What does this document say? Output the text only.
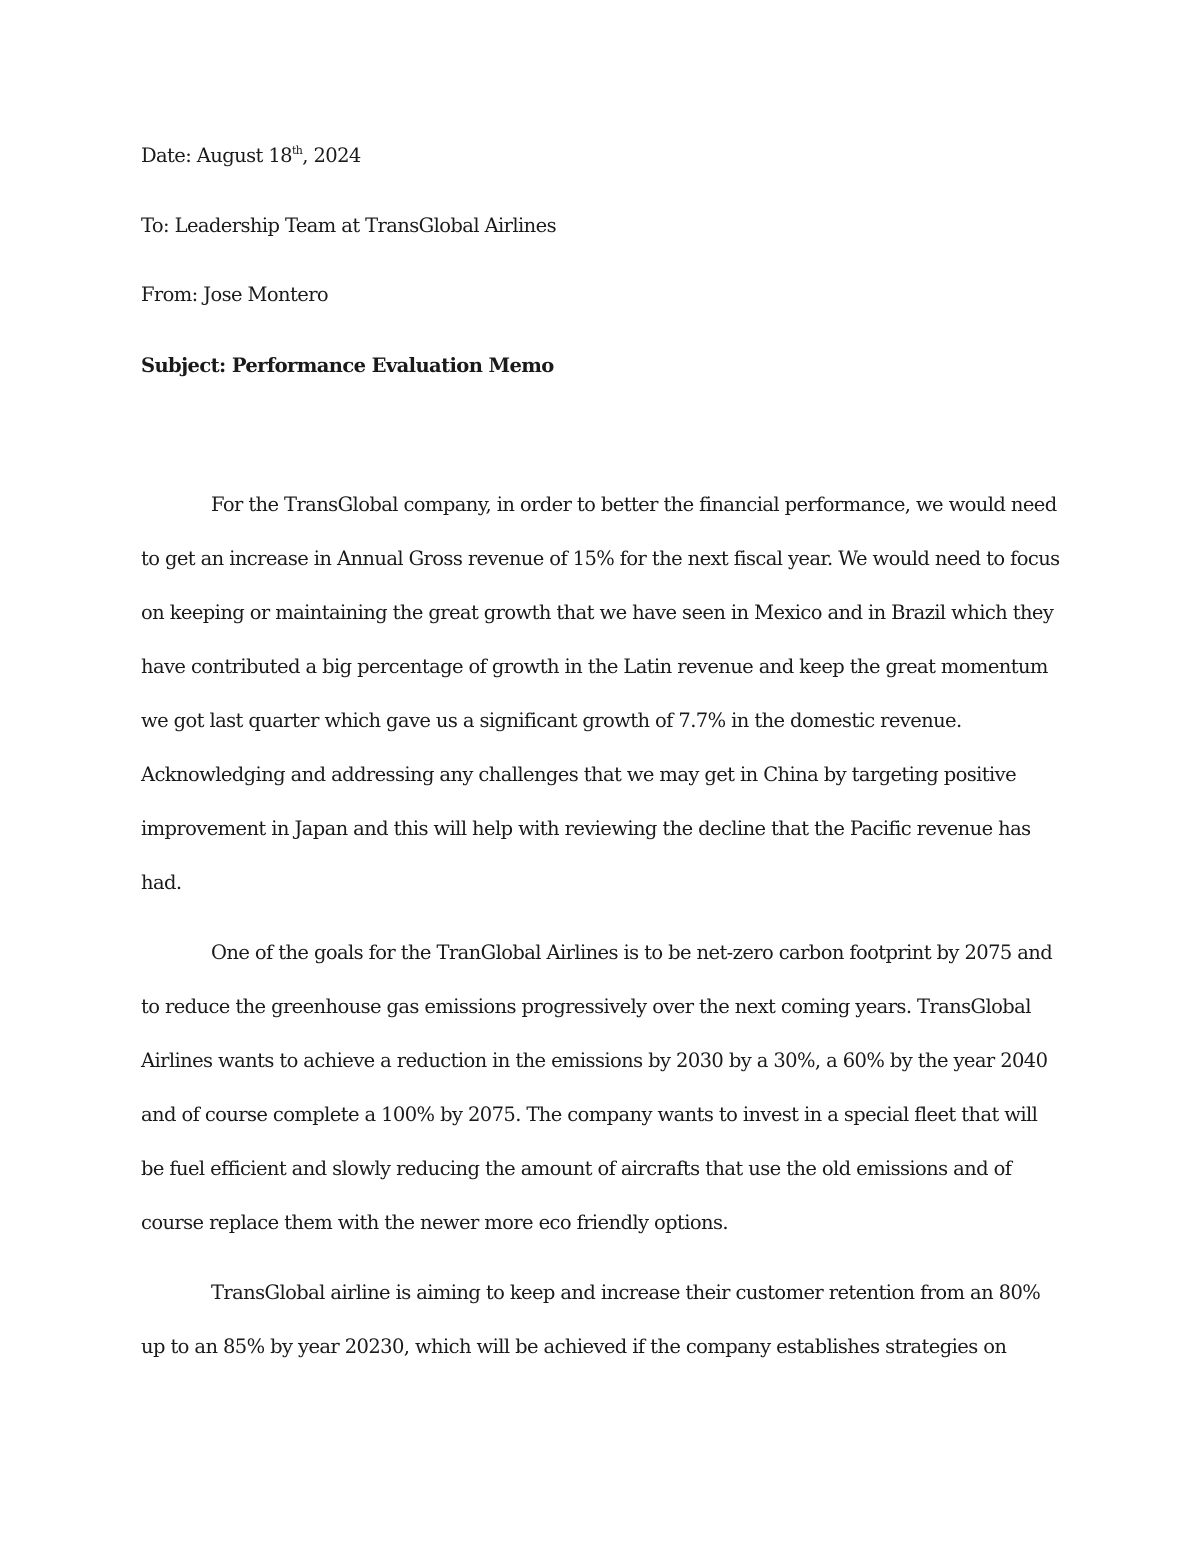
Date: August 18th, 2024
To: Leadership Team at TransGlobal Airlines
From: Jose Montero
Subject: Performance Evaluation Memo

For the TransGlobal company, in order to better the financial performance, we would need to get an increase in Annual Gross revenue of 15% for the next fiscal year. We would need to focus on keeping or maintaining the great growth that we have seen in Mexico and in Brazil which they have contributed a big percentage of growth in the Latin revenue and keep the great momentum we got last quarter which gave us a significant growth of 7.7% in the domestic revenue. Acknowledging and addressing any challenges that we may get in China by targeting positive improvement in Japan and this will help with reviewing the decline that the Pacific revenue has had.

One of the goals for the TranGlobal Airlines is to be net-zero carbon footprint by 2075 and to reduce the greenhouse gas emissions progressively over the next coming years. TransGlobal Airlines wants to achieve a reduction in the emissions by 2030 by a 30%, a 60% by the year 2040 and of course complete a 100% by 2075. The company wants to invest in a special fleet that will be fuel efficient and slowly reducing the amount of aircrafts that use the old emissions and of course replace them with the newer more eco friendly options.

TransGlobal airline is aiming to keep and increase their customer retention from an 80% up to an 85% by year 20230, which will be achieved if the company establishes strategies on
